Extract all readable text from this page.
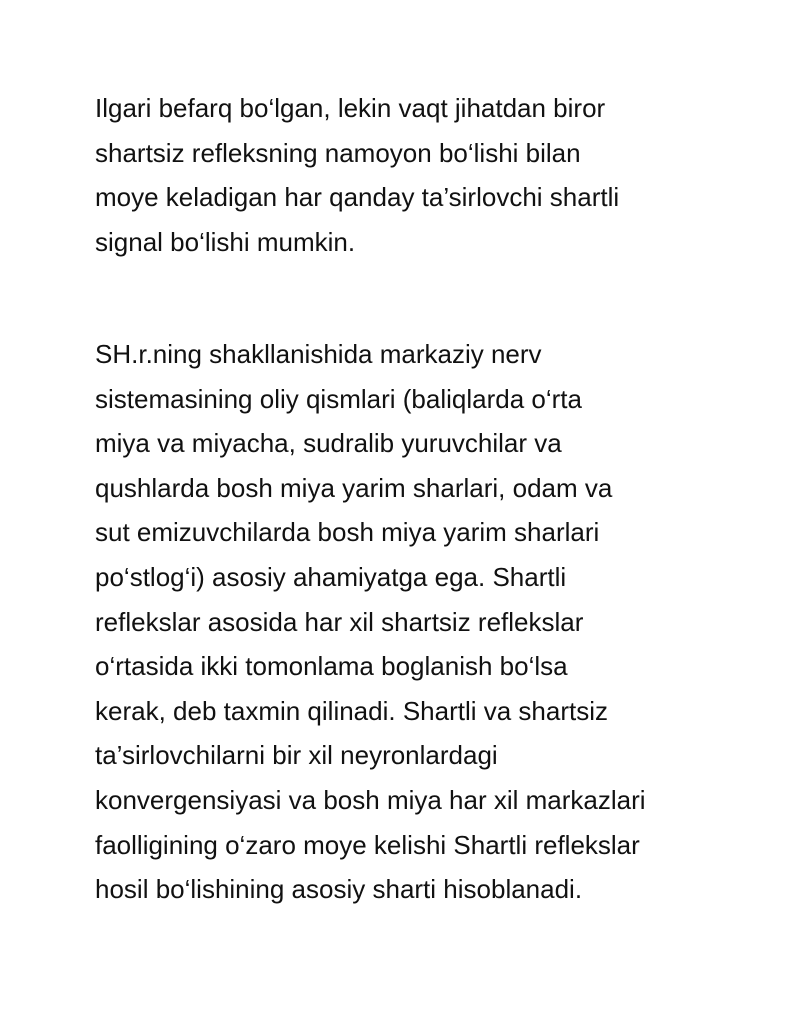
Ilgari befarq bo‘lgan, lekin vaqt jihatdan biror
shartsiz refleksning namoyon bo‘lishi bilan
moye keladigan har qanday ta’sirlovchi shartli
signal bo‘lishi mumkin.

SH.r.ning shakllanishida markaziy nerv
sistemasining oliy qismlari (baliqlarda o‘rta
miya va miyacha, sudralib yuruvchilar va
qushlarda bosh miya yarim sharlari, odam va
sut emizuvchilarda bosh miya yarim sharlari
po‘stlog‘i) asosiy ahamiyatga ega. Shartli
reflekslar asosida har xil shartsiz reflekslar
o‘rtasida ikki tomonlama boglanish bo‘lsa
kerak, deb taxmin qilinadi. Shartli va shartsiz
ta’sirlovchilarni bir xil neyronlardagi
konvergensiyasi va bosh miya har xil markazlari
faolligining o‘zaro moye kelishi Shartli reflekslar
hosil bo‘lishining asosiy sharti hisoblanadi.
